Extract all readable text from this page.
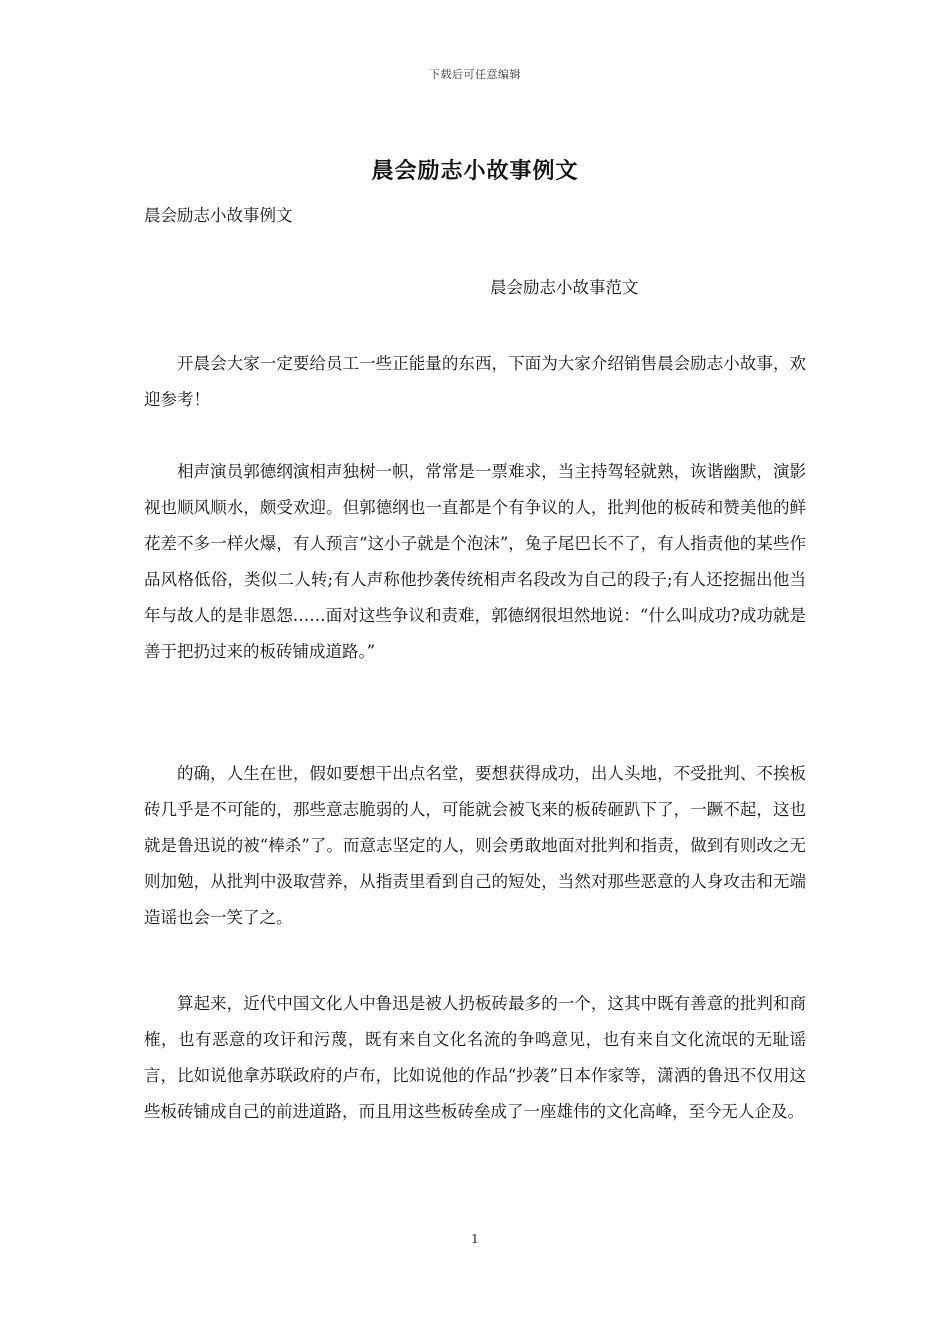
下载后可任意编辑
晨会励志小故事例文

晨会励志小故事例文

晨会励志小故事范文

开晨会大家一定要给员工一些正能量的东西，下面为大家介绍销售晨会励志小故事，欢迎参考！

相声演员郭德纲演相声独树一帜，常常是一票难求，当主持驾轻就熟，诙谐幽默，演影视也顺风顺水，颇受欢迎。但郭德纲也一直都是个有争议的人，批判他的板砖和赞美他的鲜花差不多一样火爆，有人预言“这小子就是个泡沫”，兔子尾巴长不了，有人指责他的某些作品风格低俗，类似二人转;有人声称他抄袭传统相声名段改为自己的段子;有人还挖掘出他当年与故人的是非恩怨……面对这些争议和责难，郭德纲很坦然地说：“什么叫成功?成功就是善于把扔过来的板砖铺成道路。”

的确，人生在世，假如要想干出点名堂，要想获得成功，出人头地，不受批判、不挨板砖几乎是不可能的，那些意志脆弱的人，可能就会被飞来的板砖砸趴下了，一蹶不起，这也就是鲁迅说的被“棒杀”了。而意志坚定的人，则会勇敢地面对批判和指责，做到有则改之无则加勉，从批判中汲取营养，从指责里看到自己的短处，当然对那些恶意的人身攻击和无端造谣也会一笑了之。

算起来，近代中国文化人中鲁迅是被人扔板砖最多的一个，这其中既有善意的批判和商榷，也有恶意的攻讦和污蔑，既有来自文化名流的争鸣意见，也有来自文化流氓的无耻谣言，比如说他拿苏联政府的卢布，比如说他的作品“抄袭”日本作家等，潇洒的鲁迅不仅用这些板砖铺成自己的前进道路，而且用这些板砖垒成了一座雄伟的文化高峰，至今无人企及。

1
